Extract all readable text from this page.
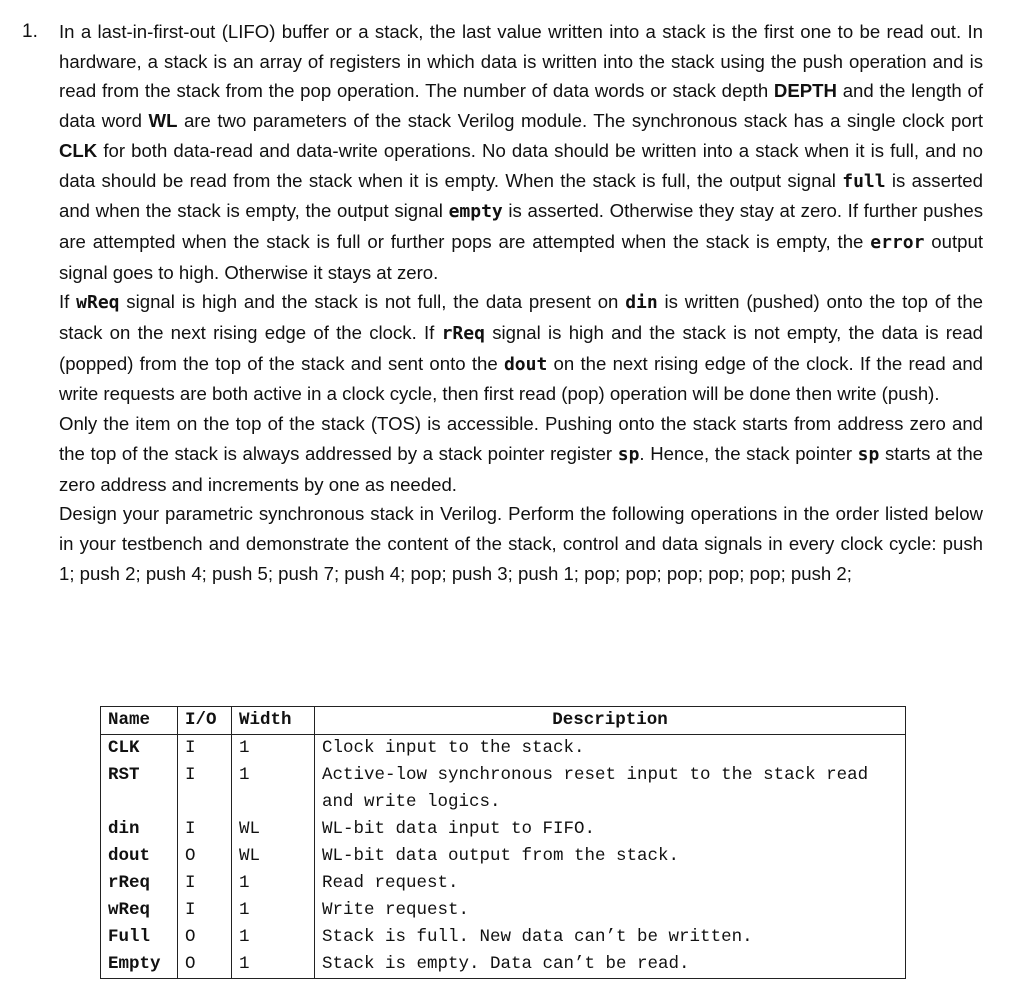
1. In a last-in-first-out (LIFO) buffer or a stack, the last value written into a stack is the first one to be read out. In hardware, a stack is an array of registers in which data is written into the stack using the push operation and is read from the stack from the pop operation. The number of data words or stack depth DEPTH and the length of data word WL are two parameters of the stack Verilog module. The synchronous stack has a single clock port CLK for both data-read and data-write operations. No data should be written into a stack when it is full, and no data should be read from the stack when it is empty. When the stack is full, the output signal full is asserted and when the stack is empty, the output signal empty is asserted. Otherwise they stay at zero. If further pushes are attempted when the stack is full or further pops are attempted when the stack is empty, the error output signal goes to high. Otherwise it stays at zero.

If wReq signal is high and the stack is not full, the data present on din is written (pushed) onto the top of the stack on the next rising edge of the clock. If rReq signal is high and the stack is not empty, the data is read (popped) from the top of the stack and sent onto the dout on the next rising edge of the clock. If the read and write requests are both active in a clock cycle, then first read (pop) operation will be done then write (push).

Only the item on the top of the stack (TOS) is accessible. Pushing onto the stack starts from address zero and the top of the stack is always addressed by a stack pointer register sp. Hence, the stack pointer sp starts at the zero address and increments by one as needed.

Design your parametric synchronous stack in Verilog. Perform the following operations in the order listed below in your testbench and demonstrate the content of the stack, control and data signals in every clock cycle: push 1; push 2; push 4; push 5; push 7; push 4; pop; push 3; push 1; pop; pop; pop; pop; pop; push 2;

Name	I/O	Width	Description
CLK	I	1	Clock input to the stack.
RST	I	1	Active-low synchronous reset input to the stack read and write logics.
din	I	WL	WL-bit data input to FIFO.
dout	O	WL	WL-bit data output from the stack.
rReq	I	1	Read request.
wReq	I	1	Write request.
Full	O	1	Stack is full. New data can’t be written.
Empty	O	1	Stack is empty. Data can’t be read.
